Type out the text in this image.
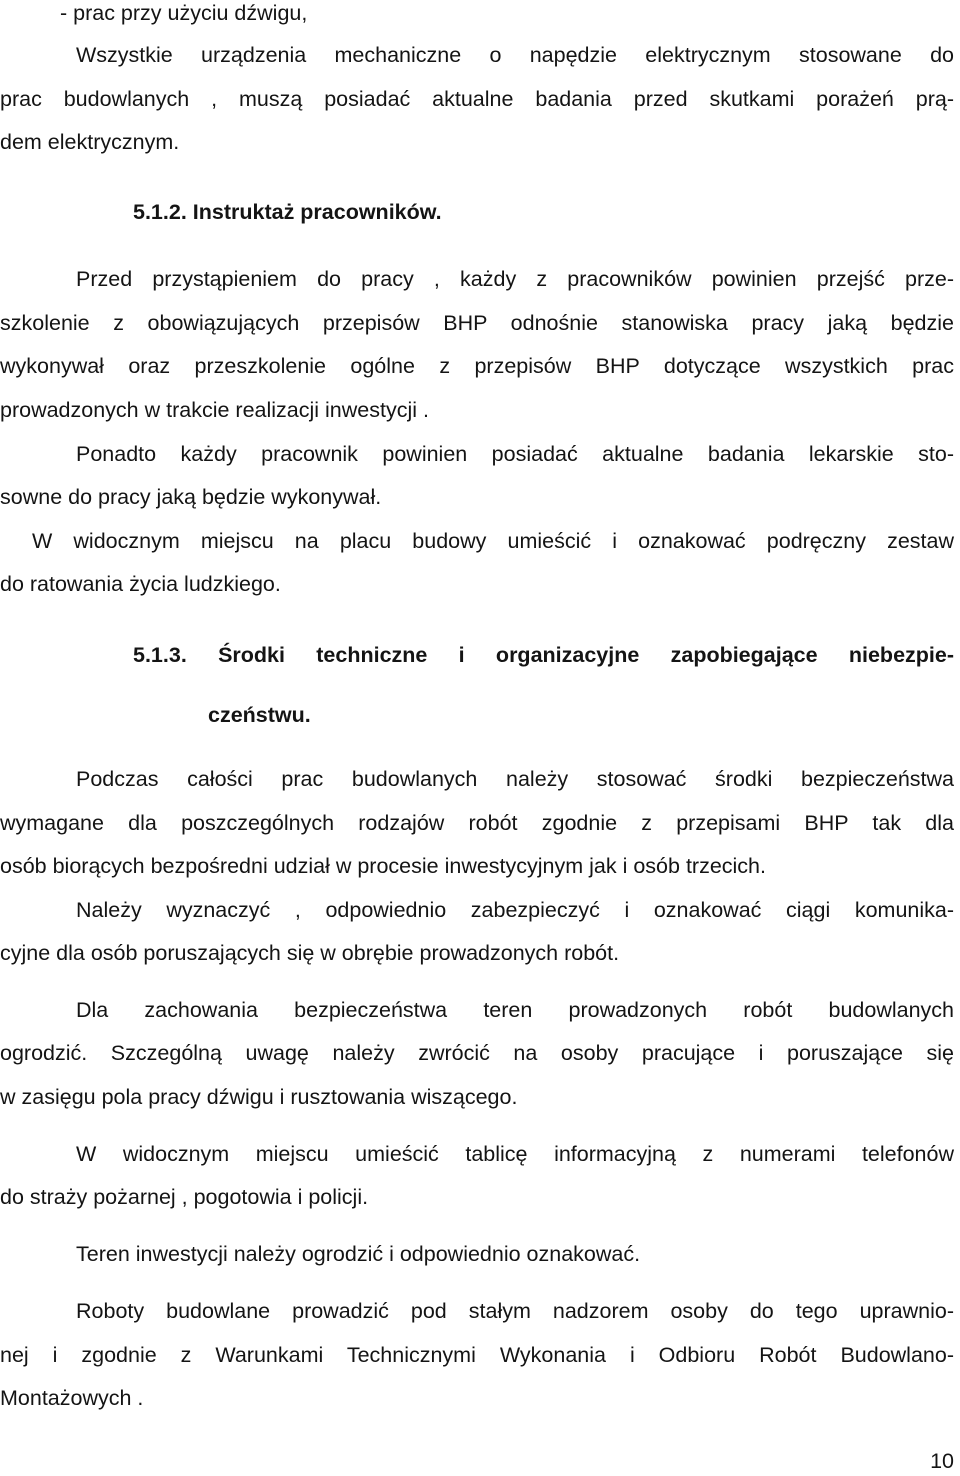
- prac przy użyciu dźwigu,
Wszystkie urządzenia mechaniczne o napędzie elektrycznym stosowane do
prac budowlanych , muszą posiadać aktualne badania przed skutkami porażeń prą-
dem elektrycznym.
5.1.2. Instruktaż pracowników.
Przed przystąpieniem do pracy , każdy z pracowników powinien przejść prze-
szkolenie z obowiązujących przepisów BHP odnośnie stanowiska pracy jaką będzie
wykonywał oraz przeszkolenie ogólne z przepisów BHP dotyczące wszystkich prac
prowadzonych w trakcie realizacji inwestycji .
Ponadto każdy pracownik powinien posiadać aktualne badania lekarskie sto-
sowne do pracy jaką będzie wykonywał.
W widocznym miejscu na placu budowy umieścić i oznakować podręczny zestaw
do ratowania życia ludzkiego.
5.1.3. Środki techniczne i organizacyjne zapobiegające niebezpie-
czeństwu.
Podczas całości prac budowlanych należy stosować środki bezpieczeństwa
wymagane dla poszczególnych rodzajów robót zgodnie z przepisami BHP tak dla
osób biorących bezpośredni udział w procesie inwestycyjnym jak i osób trzecich.
Należy wyznaczyć , odpowiednio zabezpieczyć i oznakować ciągi komunika-
cyjne dla osób poruszających się w obrębie prowadzonych robót.
Dla zachowania bezpieczeństwa teren prowadzonych robót budowlanych
ogrodzić. Szczególną uwagę należy zwrócić na osoby pracujące i poruszające się
w zasięgu pola pracy dźwigu i rusztowania wiszącego.
W widocznym miejscu umieścić tablicę informacyjną z numerami telefonów
do straży pożarnej , pogotowia i policji.
Teren inwestycji należy ogrodzić i odpowiednio oznakować.
Roboty budowlane prowadzić pod stałym nadzorem osoby do tego uprawnio-
nej i zgodnie z Warunkami Technicznymi Wykonania i Odbioru Robót Budowlano-
Montażowych .
10
